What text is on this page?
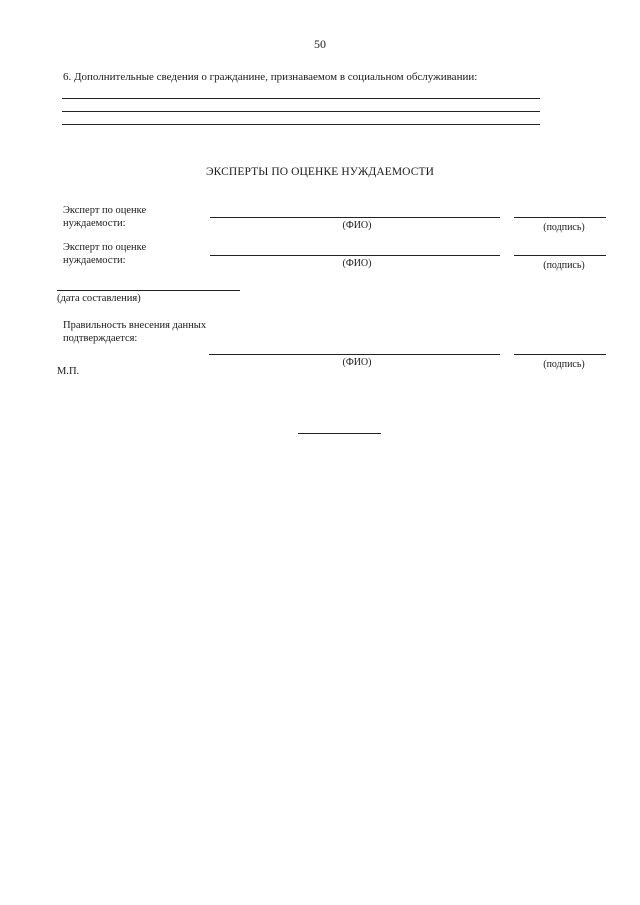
50
6. Дополнительные сведения о гражданине, признаваемом в социальном обслуживании:
ЭКСПЕРТЫ ПО ОЦЕНКЕ НУЖДАЕМОСТИ
Эксперт по оценке
нуждаемости:	(ФИО)	(подпись)
Эксперт по оценке
нуждаемости:	(ФИО)	(подпись)
(дата составления)
Правильность внесения данных
подтверждается:
(ФИО)	(подпись)
М.П.
